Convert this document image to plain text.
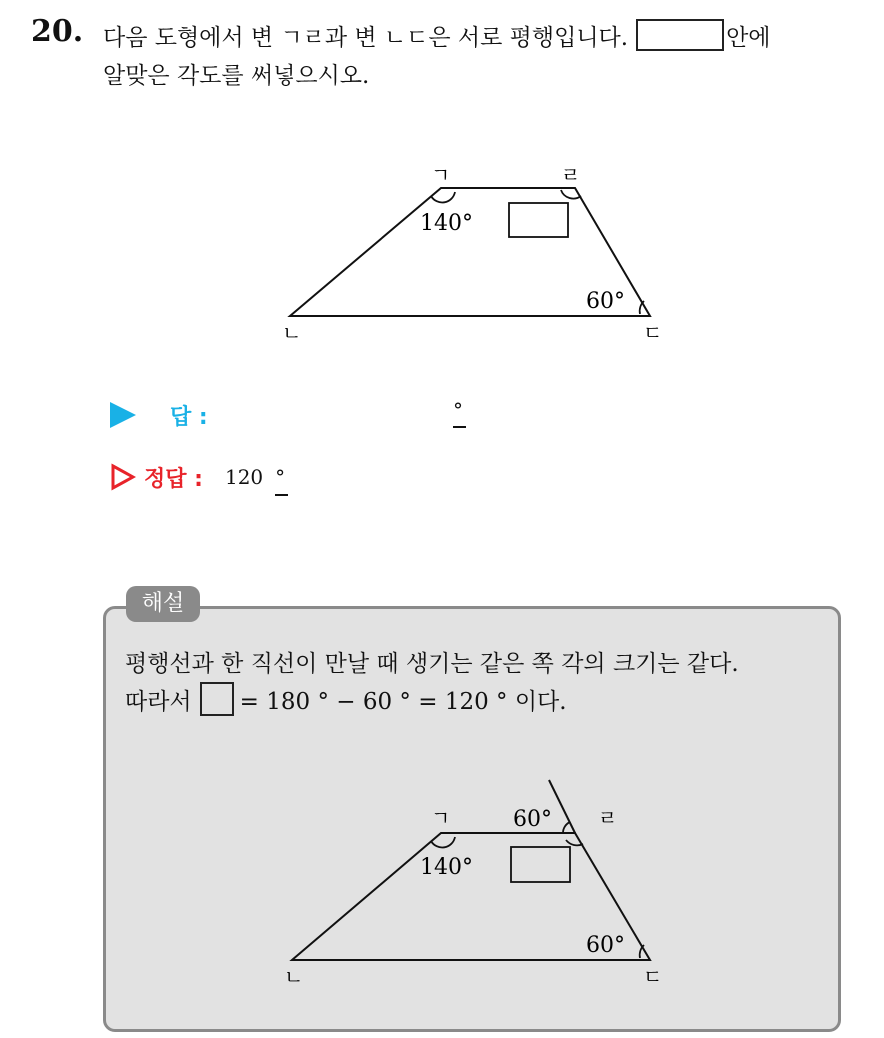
20. 다음 도형에서 변 ㄱㄹ과 변 ㄴㄷ은 서로 평행입니다.	안에
알맞은 각도를 써넣으시오.
ㄱ	ㄹ
ㄴ	ㄷ
140°
60°
답 :	°
정답 : 120 °
해설
평행선과 한 직선이 만날 때 생기는 같은 쪽 각의 크기는 같다.
따라서 = 180 ° − 60 ° = 120 ° 이다.
ㄱ	ㄹ
ㄴ	ㄷ
140°
60°
60°
